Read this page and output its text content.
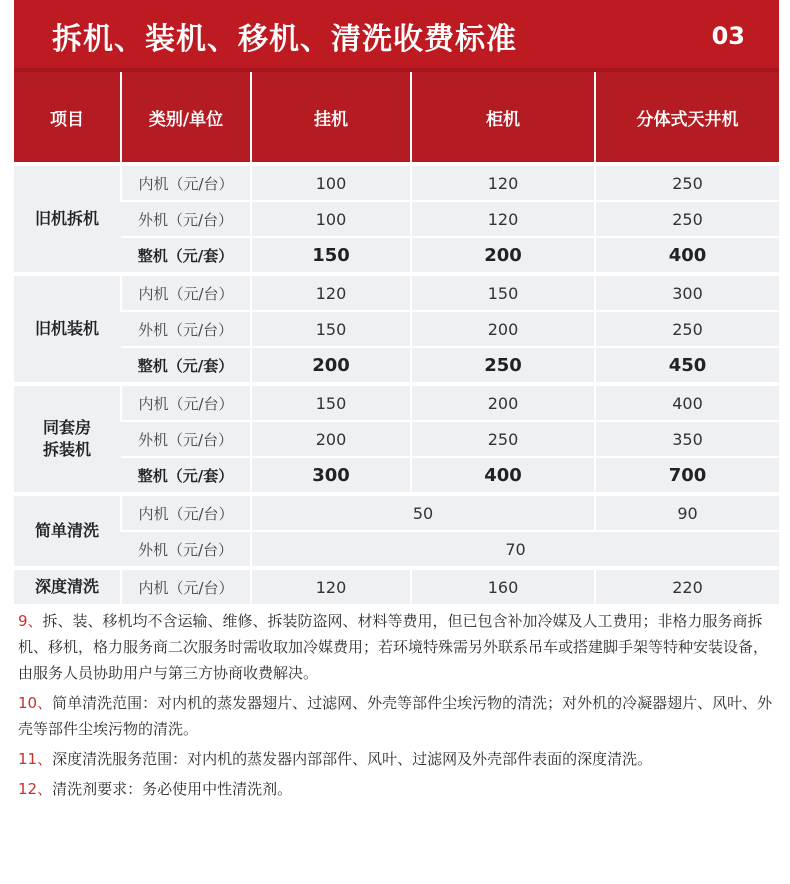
拆机、装机、移机、清洗收费标准	03
项目	类别/单位	挂机	柜机	分体式天井机
旧机拆机	内机（元/台）	100	120	250
	外机（元/台）	100	120	250
	整机（元/套）	150	200	400
旧机装机	内机（元/台）	120	150	300
	外机（元/台）	150	200	250
	整机（元/套）	200	250	450

同套房
拆装机	内机（元/台）	150	200	400
	外机（元/台）	200	250	350
	整机（元/套）	300	400	700
简单清洗	内机（元/台）	50		90
	外机（元/台）	70		
深度清洗	内机（元/台）	120	160	220

9、拆、装、移机均不含运输、维修、拆装防盗网、材料等费用，但已包含补加冷媒及人工费用；非格力服务商拆机、移机，格力服务商二次服务时需收取加冷媒费用；若环境特殊需另外联系吊车或搭建脚手架等特种安装设备，由服务人员协助用户与第三方协商收费解决。

10、简单清洗范围：对内机的蒸发器翅片、过滤网、外壳等部件尘埃污物的清洗；对外机的冷凝器翅片、风叶、外壳等部件尘埃污物的清洗。

11、深度清洗服务范围：对内机的蒸发器内部部件、风叶、过滤网及外壳部件表面的深度清洗。

12、清洗剂要求：务必使用中性清洗剂。
